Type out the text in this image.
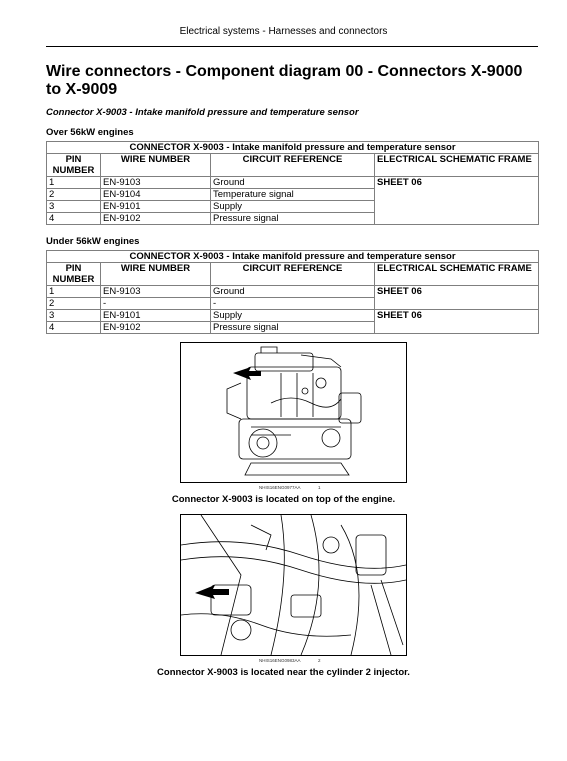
Electrical systems - Harnesses and connectors
Wire connectors - Component diagram 00 - Connectors X-9000 to X-9009
Connector X-9003 - Intake manifold pressure and temperature sensor
Over 56kW engines
CONNECTOR X-9003 - Intake manifold pressure and temperature sensor			
PIN NUMBER	WIRE NUMBER	CIRCUIT REFERENCE	ELECTRICAL SCHEMATIC FRAME
1	EN-9103	Ground	SHEET 06
2	EN-9104	Temperature signal	
3	EN-9101	Supply	
4	EN-9102	Pressure signal	
Under 56kW engines
CONNECTOR X-9003 - Intake manifold pressure and temperature sensor			
PIN NUMBER	WIRE NUMBER	CIRCUIT REFERENCE	ELECTRICAL SCHEMATIC FRAME
1	EN-9103	Ground	SHEET 06
2	-	-	
3	EN-9101	Supply	SHEET 06
4	EN-9102	Pressure signal	
NHIS16ENG0977AA	1
Connector X-9003 is located on top of the engine.
NHIS16ENG0983AA	2
Connector X-9003 is located near the cylinder 2 injector.
